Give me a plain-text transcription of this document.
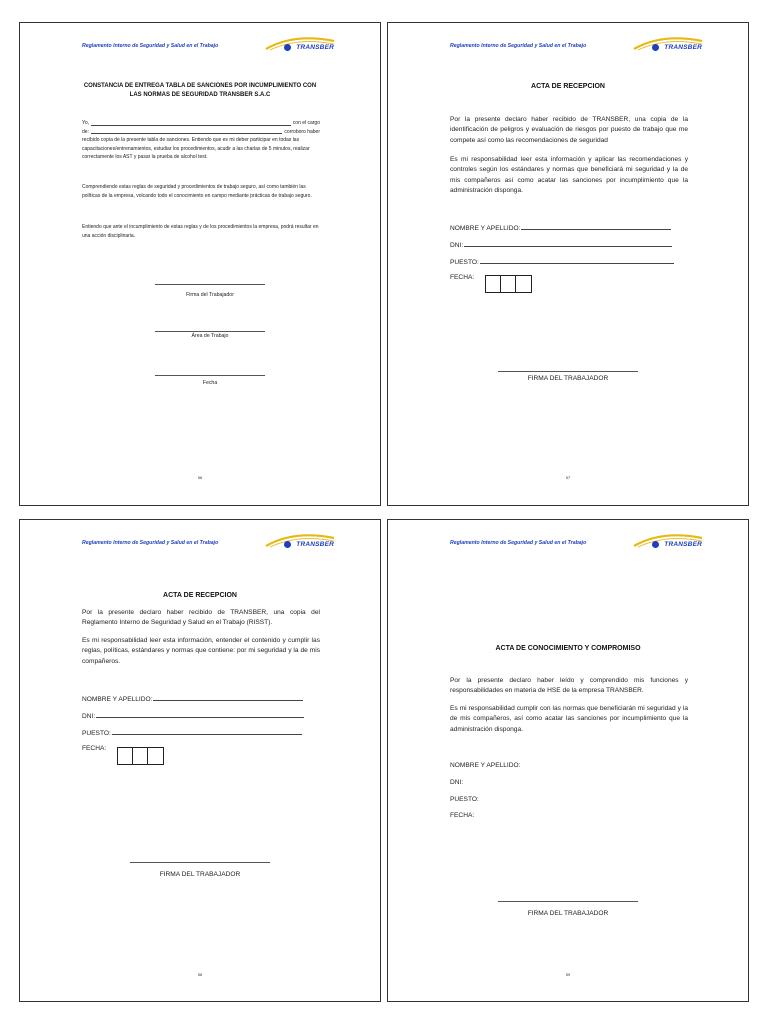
Reglamento Interno de Seguridad y Salud en el Trabajo	TRANSBER
CONSTANCIA DE ENTREGA TABLA DE SANCIONES POR INCUMPLIMIENTO CON LAS NORMAS DE SEGURIDAD TRANSBER S.A.C
Yo,	con el cargo
de:	corroboro haber
recibido copia de la presente tabla de sanciones. Entiendo que es mi deber participar en todas las capacitaciones/entrenamientos, estudiar los procedimientos, acudir a las charlas de 5 minutos, realizar correctamente los AST y pasar la prueba de alcohol test.
Comprendiendo estas reglas de seguridad y procedimientos de trabajo seguro, así como también las políticas de la empresa, volcando todo el conocimiento en campo mediante prácticas de trabajo seguro.
Entiendo que ante el incumplimiento de estas reglas y de los procedimientos la empresa, podrá resultar en una acción disciplinaria.
Firma del Trabajador
Área de Trabajo
Fecha
56
Reglamento Interno de Seguridad y Salud en el Trabajo	TRANSBER
ACTA DE RECEPCION
Por la presente declaro haber recibido de TRANSBER, una copia de la identificación de peligros y evaluación de riesgos por puesto de trabajo que me compete así como las recomendaciones de seguridad
Es mi responsabilidad leer esta información y aplicar las recomendaciones y controles según los estándares y normas que beneficiará mi seguridad y la de mis compañeros así como acatar las sanciones por incumplimiento que la administración disponga.
NOMBRE Y APELLIDO:
DNI:
PUESTO:
FECHA:
FIRMA DEL TRABAJADOR
57
Reglamento Interno de Seguridad y Salud en el Trabajo	TRANSBER
ACTA DE RECEPCION
Por la presente declaro haber recibido de TRANSBER, una copia del Reglamento Interno de Seguridad y Salud en el Trabajo (RISST).
Es mi responsabilidad leer esta información, entender el contenido y cumplir las reglas, políticas, estándares y normas que contiene: por mi seguridad y la de mis compañeros.
NOMBRE Y APELLIDO:
DNI:
PUESTO:
FECHA:
FIRMA DEL TRABAJADOR
58
Reglamento Interno de Seguridad y Salud en el Trabajo	TRANSBER
ACTA DE CONOCIMIENTO Y COMPROMISO
Por la presente declaro haber leído y comprendido mis funciones y responsabilidades en materia de HSE de la empresa TRANSBER.
Es mi responsabilidad cumplir con las normas que beneficiarán mi seguridad y la de mis compañeros, así como acatar las sanciones por incumplimiento que la administración disponga.
NOMBRE Y APELLIDO:
DNI:
PUESTO:
FECHA:
FIRMA DEL TRABAJADOR
59
